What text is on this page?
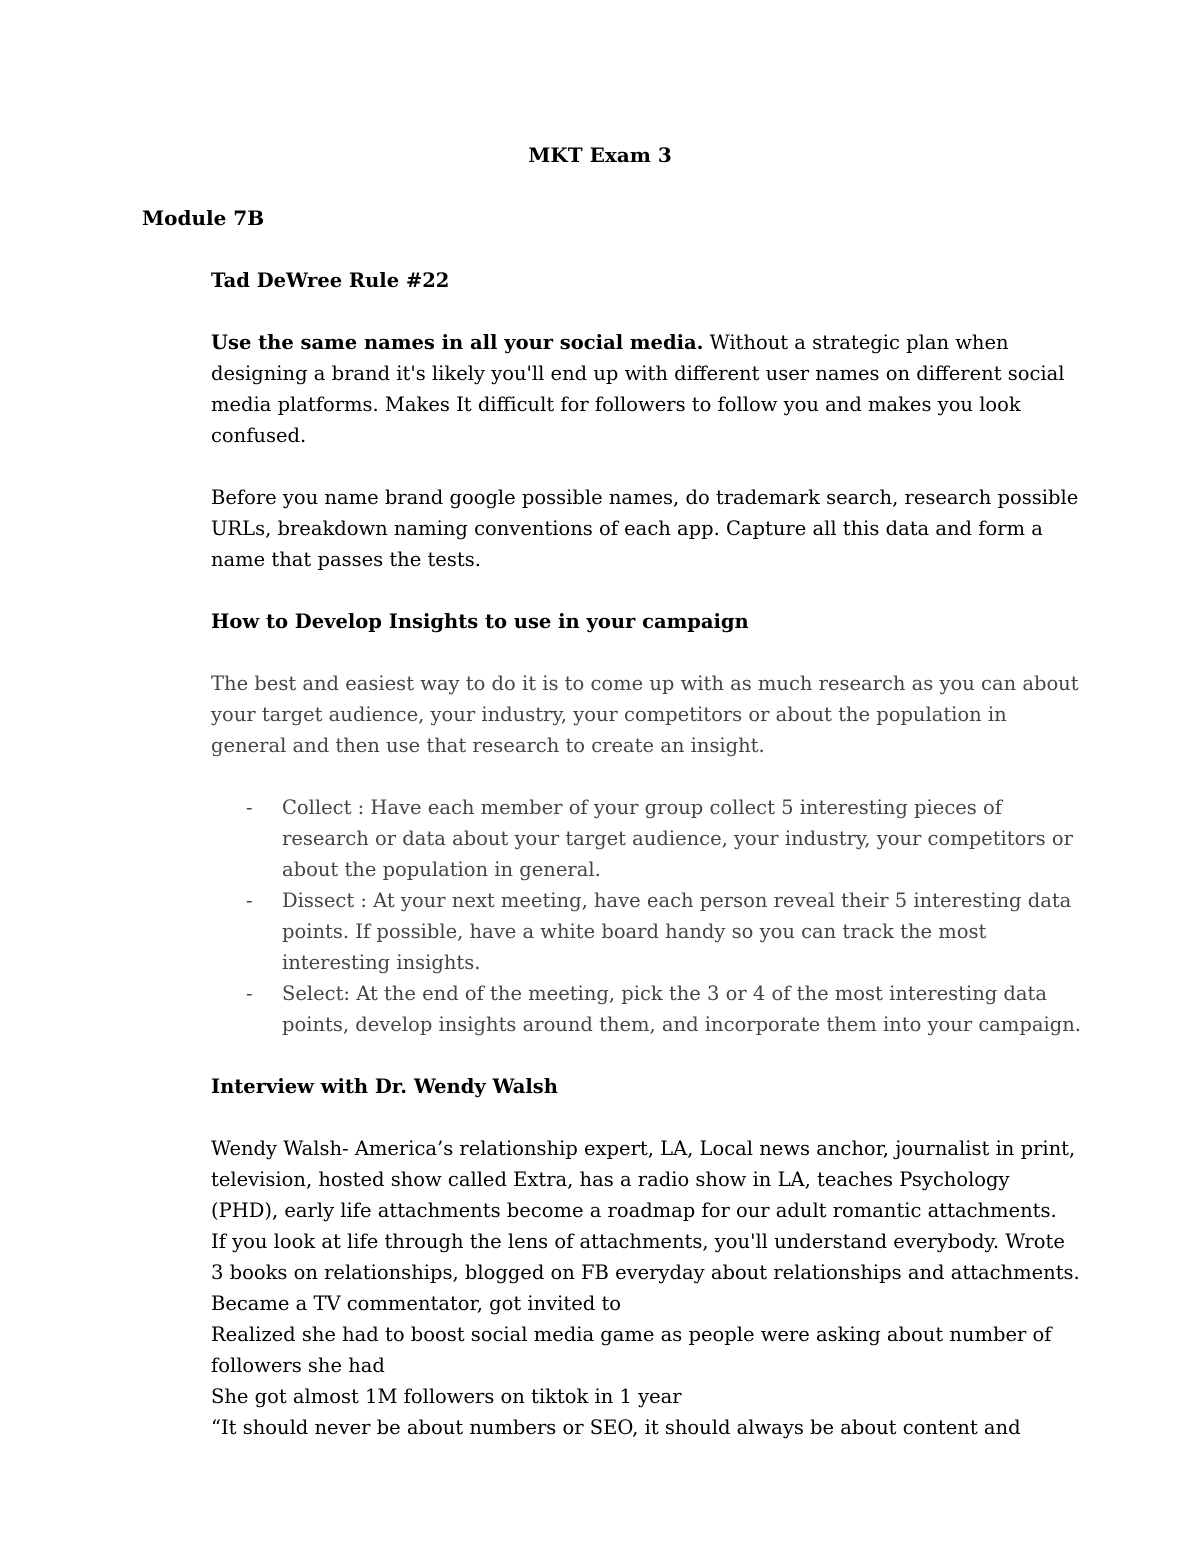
MKT Exam 3
Module 7B

Tad DeWree Rule #22

Use the same names in all your social media. Without a strategic plan when designing a brand it's likely you'll end up with different user names on different social media platforms. Makes It difficult for followers to follow you and makes you look confused.

Before you name brand google possible names, do trademark search, research possible URLs, breakdown naming conventions of each app. Capture all this data and form a name that passes the tests.

How to Develop Insights to use in your campaign

The best and easiest way to do it is to come up with as much research as you can about your target audience, your industry, your competitors or about the population in general and then use that research to create an insight.

- Collect : Have each member of your group collect 5 interesting pieces of research or data about your target audience, your industry, your competitors or about the population in general.
- Dissect : At your next meeting, have each person reveal their 5 interesting data points. If possible, have a white board handy so you can track the most interesting insights.
- Select: At the end of the meeting, pick the 3 or 4 of the most interesting data points, develop insights around them, and incorporate them into your campaign.

Interview with Dr. Wendy Walsh

Wendy Walsh- America’s relationship expert, LA, Local news anchor, journalist in print, television, hosted show called Extra, has a radio show in LA, teaches Psychology (PHD), early life attachments become a roadmap for our adult romantic attachments.

If you look at life through the lens of attachments, you'll understand everybody. Wrote 3 books on relationships, blogged on FB everyday about relationships and attachments.

Became a TV commentator, got invited to

Realized she had to boost social media game as people were asking about number of followers she had

She got almost 1M followers on tiktok in 1 year

“It should never be about numbers or SEO, it should always be about content and
